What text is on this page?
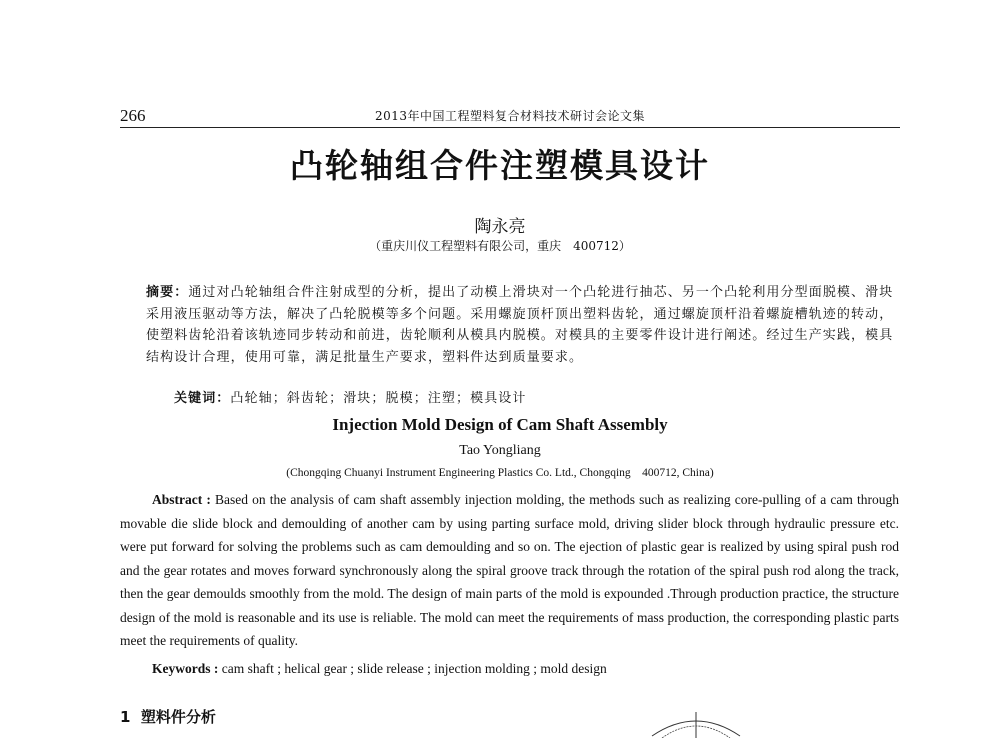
266	2013年中国工程塑料复合材料技术研讨会论文集
凸轮轴组合件注塑模具设计
陶永亮
（重庆川仪工程塑料有限公司，重庆　400712）
摘要：通过对凸轮轴组合件注射成型的分析，提出了动模上滑块对一个凸轮进行抽芯、另一个凸轮利用分型面脱模、滑块采用液压驱动等方法，解决了凸轮脱模等多个问题。采用螺旋顶杆顶出塑料齿轮，通过螺旋顶杆沿着螺旋槽轨迹的转动，使塑料齿轮沿着该轨迹同步转动和前进，齿轮顺利从模具内脱模。对模具的主要零件设计进行阐述。经过生产实践，模具结构设计合理，使用可靠，满足批量生产要求，塑料件达到质量要求。
关键词：凸轮轴；斜齿轮；滑块；脱模；注塑；模具设计
Injection Mold Design of Cam Shaft Assembly
Tao Yongliang
(Chongqing Chuanyi Instrument Engineering Plastics Co. Ltd., Chongqing　400712, China)
Abstract : Based on the analysis of cam shaft assembly injection molding, the methods such as realizing core-pulling of a cam through movable die slide block and demoulding of another cam by using parting surface mold, driving slider block through hydraulic pressure etc. were put forward for solving the problems such as cam demoulding and so on. The ejection of plastic gear is realized by using spiral push rod and the gear rotates and moves forward synchronously along the spiral groove track through the rotation of the spiral push rod along the track, then the gear demoulds smoothly from the mold. The design of main parts of the mold is expounded .Through production practice, the structure design of the mold is reasonable and its use is reliable. The mold can meet the requirements of mass production, the corresponding plastic parts meet the requirements of quality.
Keywords : cam shaft ; helical gear ; slide release ; injection molding ; mold design
1 塑料件分析
